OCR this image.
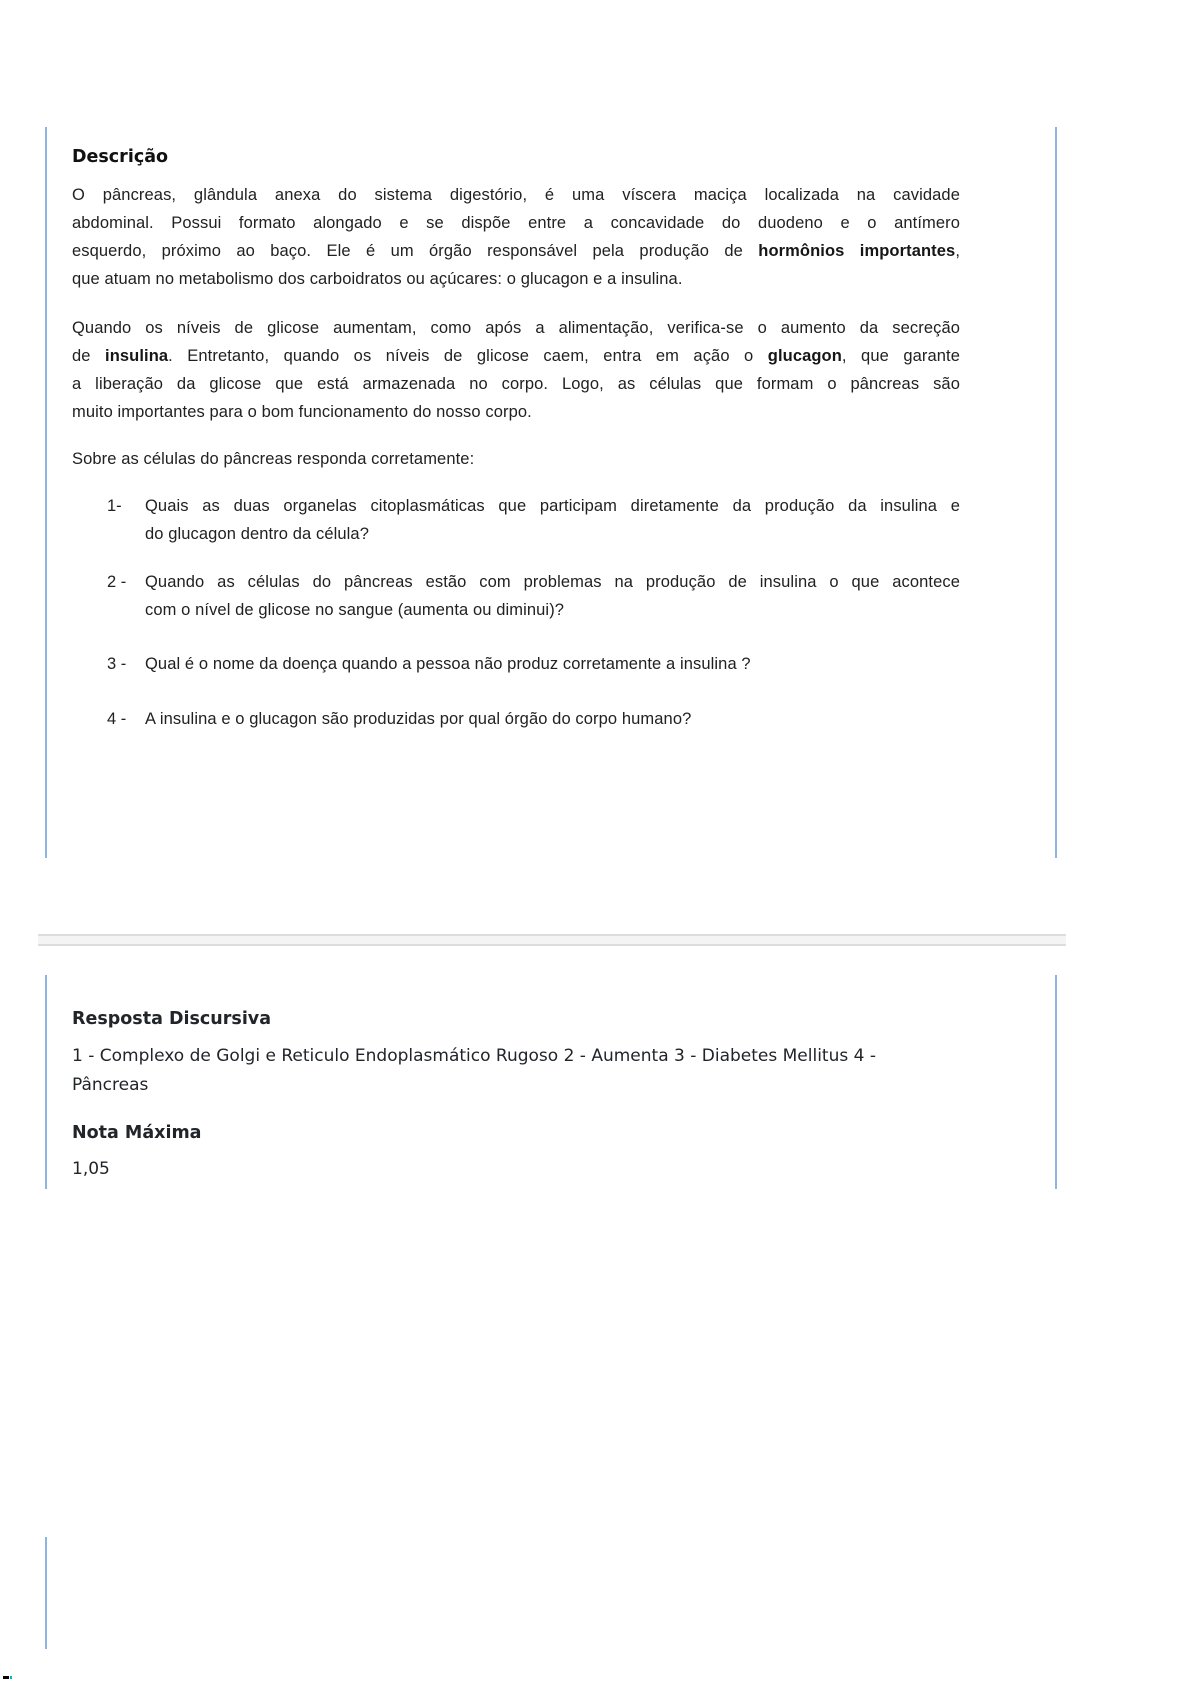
Descrição
O pâncreas, glândula anexa do sistema digestório, é uma víscera maciça localizada na cavidade
abdominal. Possui formato alongado e se dispõe entre a concavidade do duodeno e o antímero
esquerdo, próximo ao baço. Ele é um órgão responsável pela produção de hormônios importantes,
que atuam no metabolismo dos carboidratos ou açúcares: o glucagon e a insulina.
Quando os níveis de glicose aumentam, como após a alimentação, verifica-se o aumento da secreção
de insulina. Entretanto, quando os níveis de glicose caem, entra em ação o glucagon, que garante
a liberação da glicose que está armazenada no corpo. Logo, as células que formam o pâncreas são
muito importantes para o bom funcionamento do nosso corpo.
Sobre as células do pâncreas responda corretamente:
1-	Quais as duas organelas citoplasmáticas que participam diretamente da produção da insulina e
do glucagon dentro da célula?
2 -	Quando as células do pâncreas estão com problemas na produção de insulina o que acontece
com o nível de glicose no sangue (aumenta ou diminui)?
3 -	Qual é o nome da doença quando a pessoa não produz corretamente a insulina ?
4 -	A insulina e o glucagon são produzidas por qual órgão do corpo humano?
Resposta Discursiva
1 - Complexo de Golgi e Reticulo Endoplasmático Rugoso 2 - Aumenta 3 - Diabetes Mellitus 4 -
Pâncreas
Nota Máxima
1,05
